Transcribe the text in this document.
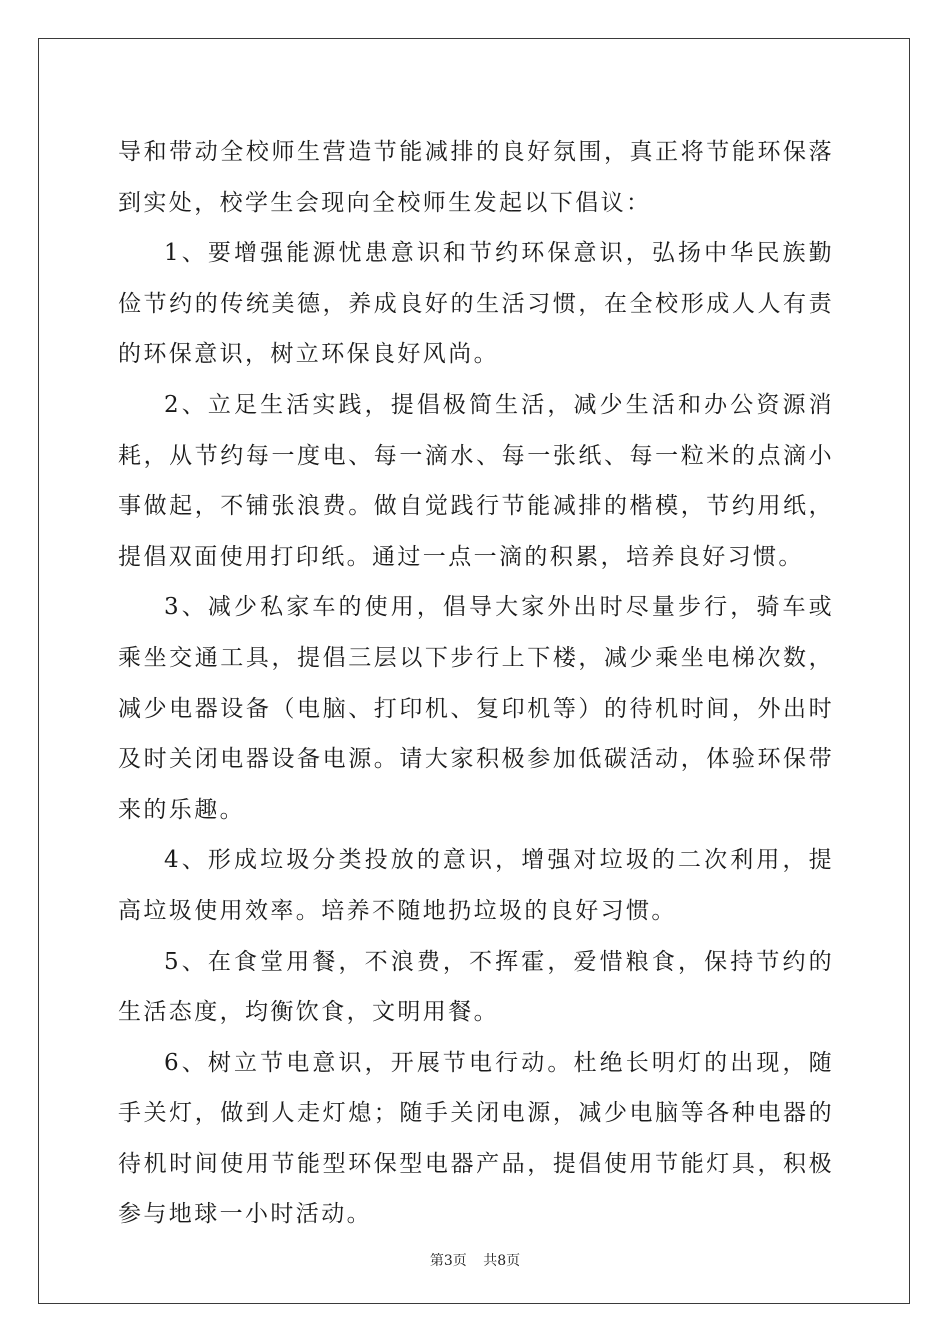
导和带动全校师生营造节能减排的良好氛围，真正将节能环保落到实处，校学生会现向全校师生发起以下倡议：

1、要增强能源忧患意识和节约环保意识，弘扬中华民族勤俭节约的传统美德，养成良好的生活习惯，在全校形成人人有责的环保意识，树立环保良好风尚。

2、立足生活实践，提倡极简生活，减少生活和办公资源消耗，从节约每一度电、每一滴水、每一张纸、每一粒米的点滴小事做起，不铺张浪费。做自觉践行节能减排的楷模，节约用纸，提倡双面使用打印纸。通过一点一滴的积累，培养良好习惯。

3、减少私家车的使用，倡导大家外出时尽量步行，骑车或乘坐交通工具，提倡三层以下步行上下楼，减少乘坐电梯次数，减少电器设备（电脑、打印机、复印机等）的待机时间，外出时及时关闭电器设备电源。请大家积极参加低碳活动，体验环保带来的乐趣。

4、形成垃圾分类投放的意识，增强对垃圾的二次利用，提高垃圾使用效率。培养不随地扔垃圾的良好习惯。

5、在食堂用餐，不浪费，不挥霍，爱惜粮食，保持节约的生活态度，均衡饮食，文明用餐。

6、树立节电意识，开展节电行动。杜绝长明灯的出现，随手关灯，做到人走灯熄；随手关闭电源，减少电脑等各种电器的待机时间使用节能型环保型电器产品，提倡使用节能灯具，积极参与地球一小时活动。

第3页 共8页
